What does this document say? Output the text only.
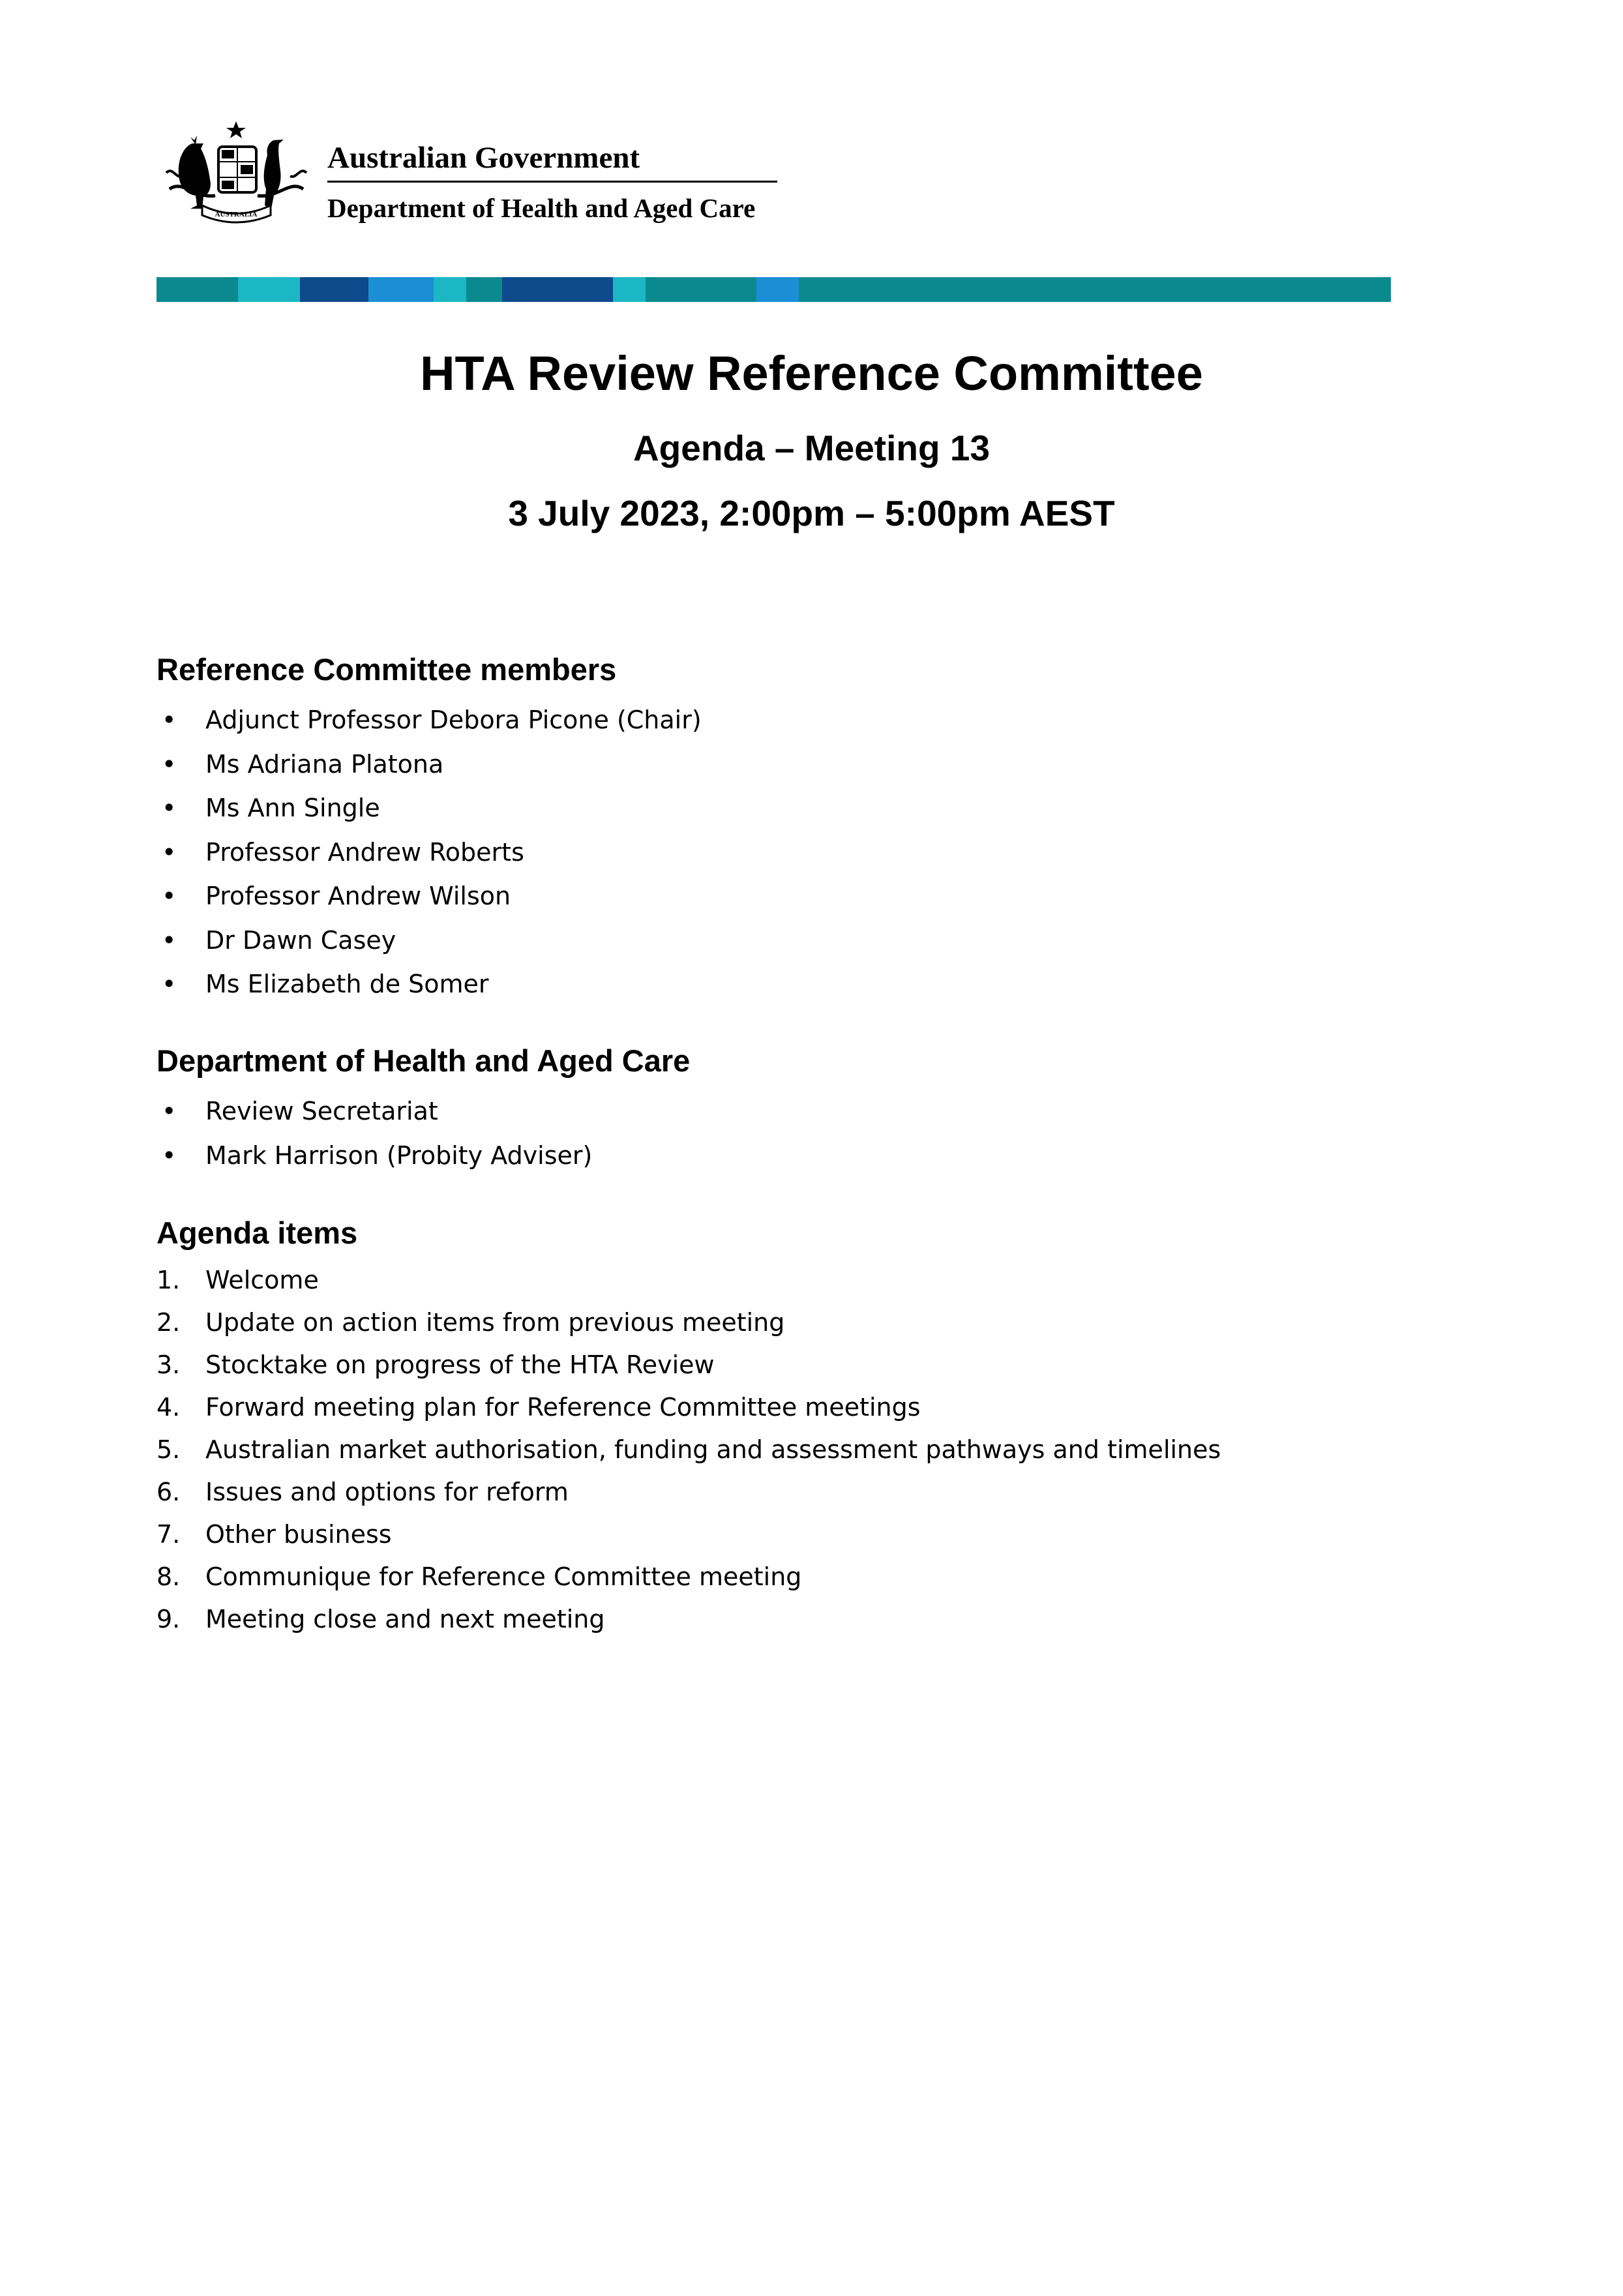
AUSTRALIA
Australian Government
Department of Health and Aged Care
HTA Review Reference Committee
Agenda – Meeting 13
3 July 2023, 2:00pm – 5:00pm AEST
Reference Committee members
• Adjunct Professor Debora Picone (Chair)
• Ms Adriana Platona
• Ms Ann Single
• Professor Andrew Roberts
• Professor Andrew Wilson
• Dr Dawn Casey
• Ms Elizabeth de Somer
Department of Health and Aged Care
• Review Secretariat
• Mark Harrison (Probity Adviser)
Agenda items
1. Welcome
2. Update on action items from previous meeting
3. Stocktake on progress of the HTA Review
4. Forward meeting plan for Reference Committee meetings
5. Australian market authorisation, funding and assessment pathways and timelines
6. Issues and options for reform
7. Other business
8. Communique for Reference Committee meeting
9. Meeting close and next meeting
